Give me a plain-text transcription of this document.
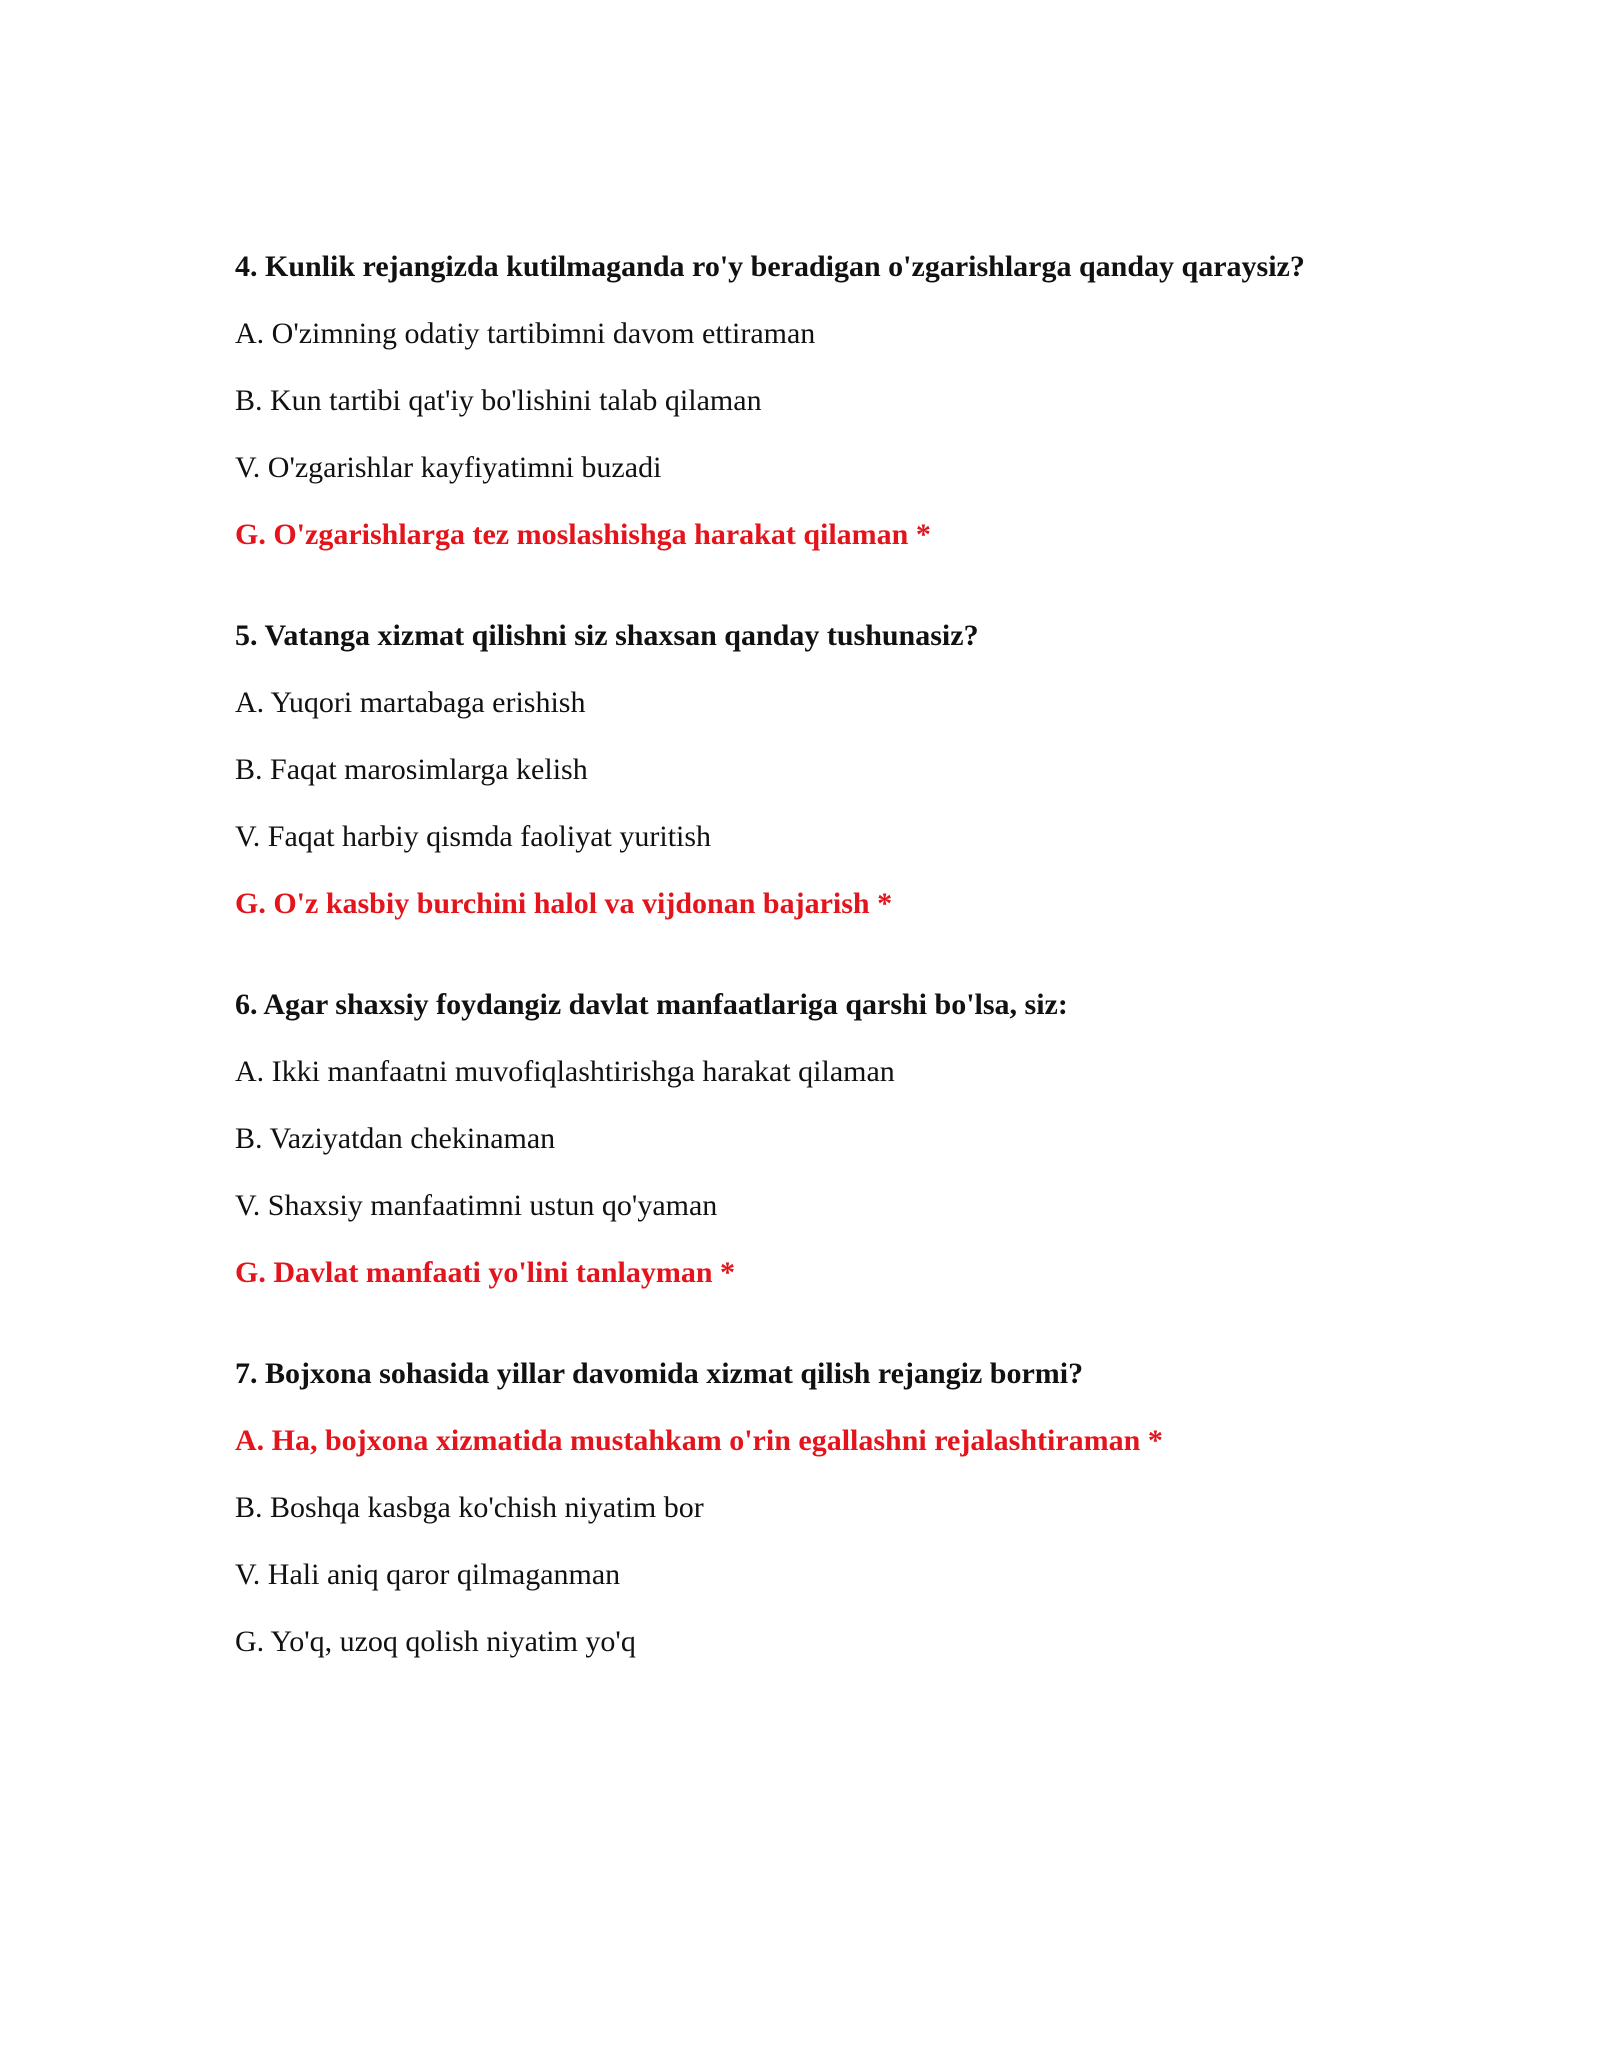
4. Kunlik rejangizda kutilmaganda ro'y beradigan o'zgarishlarga qanday qaraysiz?
A. O'zimning odatiy tartibimni davom ettiraman
B. Kun tartibi qat'iy bo'lishini talab qilaman
V. O'zgarishlar kayfiyatimni buzadi
G. O'zgarishlarga tez moslashishga harakat qilaman *
5. Vatanga xizmat qilishni siz shaxsan qanday tushunasiz?
A. Yuqori martabaga erishish
B. Faqat marosimlarga kelish
V. Faqat harbiy qismda faoliyat yuritish
G. O'z kasbiy burchini halol va vijdonan bajarish *
6. Agar shaxsiy foydangiz davlat manfaatlariga qarshi bo'lsa, siz:
A. Ikki manfaatni muvofiqlashtirishga harakat qilaman
B. Vaziyatdan chekinaman
V. Shaxsiy manfaatimni ustun qo'yaman
G. Davlat manfaati yo'lini tanlayman *
7. Bojxona sohasida yillar davomida xizmat qilish rejangiz bormi?
A. Ha, bojxona xizmatida mustahkam o'rin egallashni rejalashtiraman *
B. Boshqa kasbga ko'chish niyatim bor
V. Hali aniq qaror qilmaganman
G. Yo'q, uzoq qolish niyatim yo'q
